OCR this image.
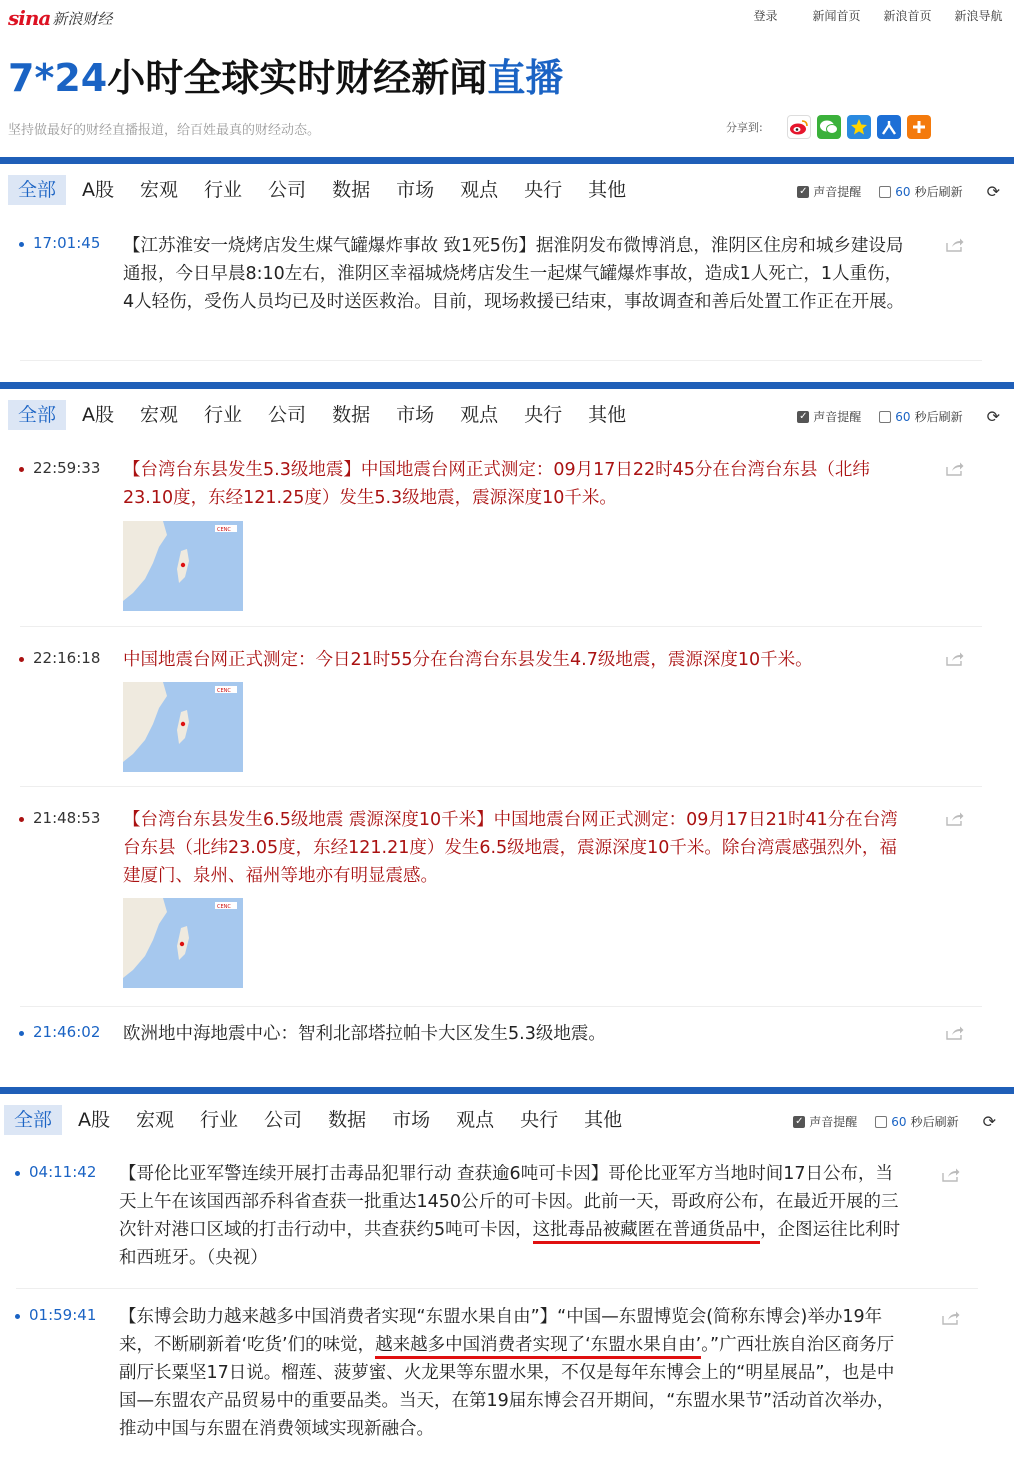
sina 新浪财经	登录	新闻首页	新浪首页	新浪导航
7*24小时全球实时财经新闻直播
坚持做最好的财经直播报道，给百姓最真的财经动态。	分享到:
全部	A股	宏观	行业	公司	数据	市场	观点	央行	其他	✓ 声音提醒	60 秒后刷新 ⟳
17:01:45 【江苏淮安一烧烤店发生煤气罐爆炸事故 致1死5伤】据淮阴发布微博消息，淮阴区住房和城乡建设局通报，今日早晨8:10左右，淮阴区幸福城烧烤店发生一起煤气罐爆炸事故，造成1人死亡，1人重伤，4人轻伤，受伤人员均已及时送医救治。目前，现场救援已结束，事故调查和善后处置工作正在开展。
全部	A股	宏观	行业	公司	数据	市场	观点	央行	其他	✓ 声音提醒	60 秒后刷新 ⟳
22:59:33 【台湾台东县发生5.3级地震】中国地震台网正式测定：09月17日22时45分在台湾台东县（北纬23.10度，东经121.25度）发生5.3级地震，震源深度10千米。
CENC
22:16:18 中国地震台网正式测定：今日21时55分在台湾台东县发生4.7级地震，震源深度10千米。
CENC
21:48:53 【台湾台东县发生6.5级地震 震源深度10千米】中国地震台网正式测定：09月17日21时41分在台湾台东县（北纬23.05度，东经121.21度）发生6.5级地震，震源深度10千米。除台湾震感强烈外，福建厦门、泉州、福州等地亦有明显震感。
CENC
21:46:02 欧洲地中海地震中心：智利北部塔拉帕卡大区发生5.3级地震。
全部	A股	宏观	行业	公司	数据	市场	观点	央行	其他	✓ 声音提醒	60 秒后刷新 ⟳
04:11:42 【哥伦比亚军警连续开展打击毒品犯罪行动 查获逾6吨可卡因】哥伦比亚军方当地时间17日公布，当天上午在该国西部乔科省查获一批重达1450公斤的可卡因。此前一天，哥政府公布，在最近开展的三次针对港口区域的打击行动中，共查获约5吨可卡因，这批毒品被藏匿在普通货品中，企图运往比利时和西班牙。（央视）
01:59:41 【东博会助力越来越多中国消费者实现“东盟水果自由”】“中国—东盟博览会(简称东博会)举办19年来，不断刷新着‘吃货’们的味觉，越来越多中国消费者实现了‘东盟水果自由’。”广西壮族自治区商务厅副厅长粟坚17日说。榴莲、菠萝蜜、火龙果等东盟水果，不仅是每年东博会上的“明星展品”，也是中国—东盟农产品贸易中的重要品类。当天，在第19届东博会召开期间，“东盟水果节”活动首次举办，推动中国与东盟在消费领域实现新融合。
